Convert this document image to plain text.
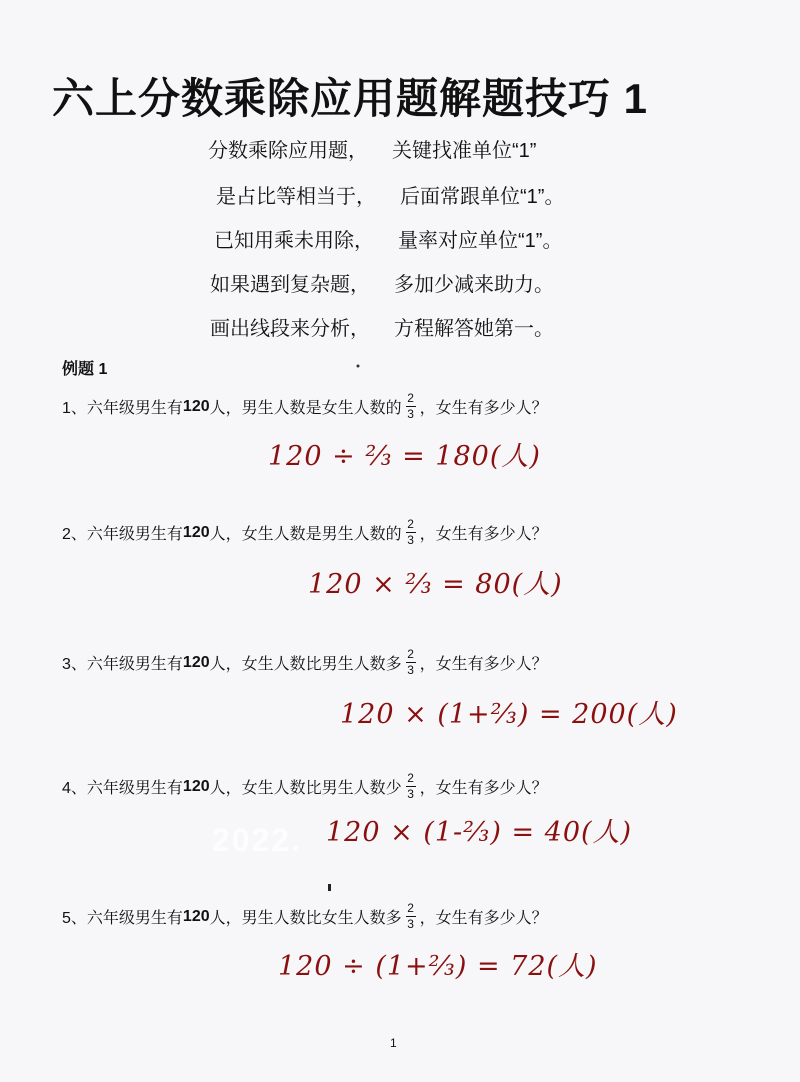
六上分数乘除应用题解题技巧 1
分数乘除应用题， 关键找准单位“1”
是占比等相当于， 后面常跟单位“1”。
已知用乘未用除， 量率对应单位“1”。
如果遇到复杂题， 多加少减来助力。
画出线段来分析， 方程解答她第一。
例题 1
1、 六年级男生有 120 人，男生人数是女生人数的 $\frac{2}{3}$ ，女生有多少人？
120 ÷ ⅔ = 180(人)
2、 六年级男生有 120 人，女生人数是男生人数的 $\frac{2}{3}$ ，女生有多少人？
120 × ⅔ = 80(人)
3、 六年级男生有 120 人，女生人数比男生人数多 $\frac{2}{3}$ ，女生有多少人？
120 × (1+⅔) = 200(人)
4、 六年级男生有 120 人，女生人数比男生人数少 $\frac{2}{3}$ ，女生有多少人？
2022. 120 × (1-⅔) = 40(人)
5、 六年级男生有 120 人，男生人数比女生人数多 $\frac{2}{3}$ ，女生有多少人？
120 ÷ (1+⅔) = 72(人)
1
